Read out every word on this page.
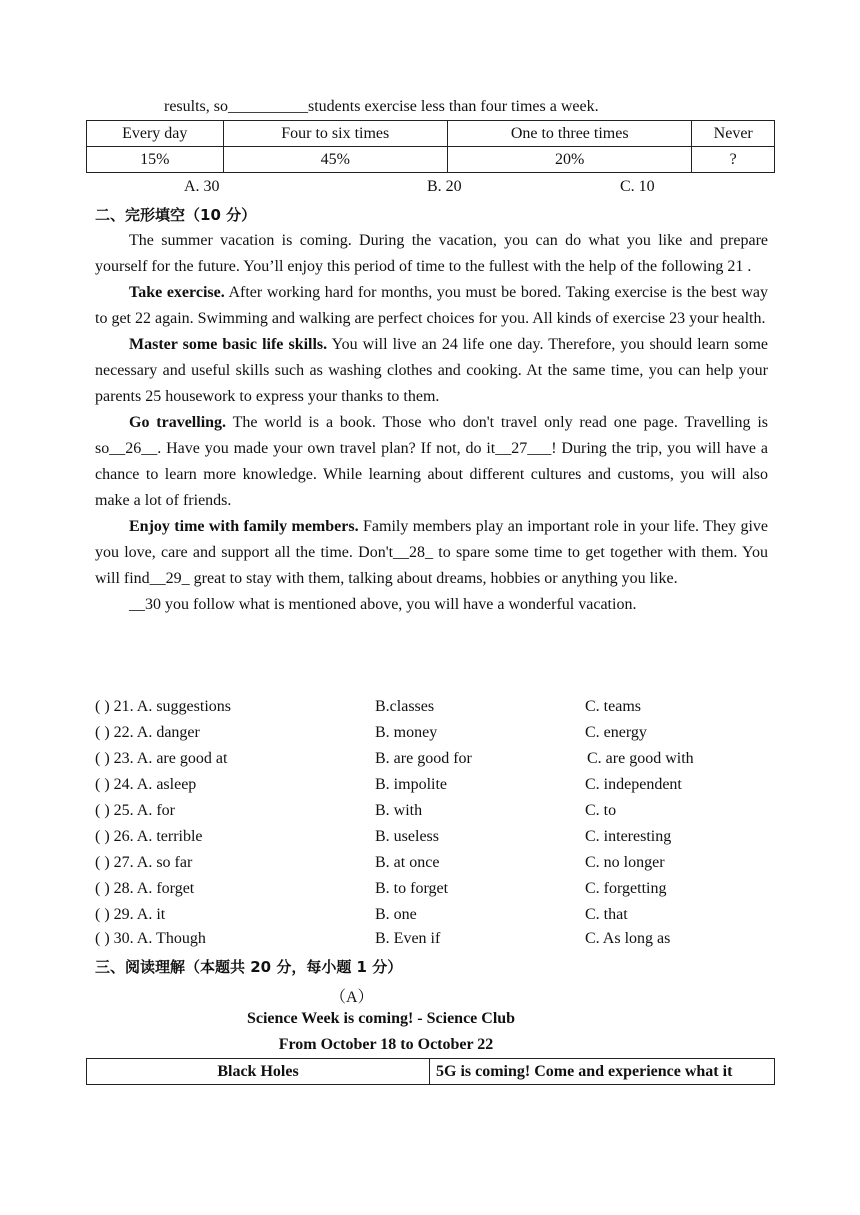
results, so__________students exercise less than four times a week.
Every day	Four to six times	One to three times	Never
15%	45%	20%	?
A. 30	B. 20	C. 10
二、完形填空（10 分）

The summer vacation is coming. During the vacation, you can do what you like and prepare yourself for the future. You’ll enjoy this period of time to the fullest with the help of the following 21 .

Take exercise. After working hard for months, you must be bored. Taking exercise is the best way to get 22 again. Swimming and walking are perfect choices for you. All kinds of exercise 23 your health.

Master some basic life skills. You will live an 24 life one day. Therefore, you should learn some necessary and useful skills such as washing clothes and cooking. At the same time, you can help your parents 25 housework to express your thanks to them.

Go travelling. The world is a book. Those who don't travel only read one page. Travelling is so__26__. Have you made your own travel plan? If not, do it__27___! During the trip, you will have a chance to learn more knowledge. While learning about different cultures and customs, you will also make a lot of friends.

Enjoy time with family members. Family members play an important role in your life. They give you love, care and support all the time. Don't__28_ to spare some time to get together with them. You will find__29_ great to stay with them, talking about dreams, hobbies or anything you like.

__30 you follow what is mentioned above, you will have a wonderful vacation.

( ) 21. A. suggestions	B.classes	C. teams
( ) 22. A. danger	B. money	C. energy
( ) 23. A. are good at	B. are good for	C. are good with
( ) 24. A. asleep	B. impolite	C. independent
( ) 25. A. for	B. with	C. to
( ) 26. A. terrible	B. useless	C. interesting
( ) 27. A. so far	B. at once	C. no longer
( ) 28. A. forget	B. to forget	C. forgetting
( ) 29. A. it	B. one	C. that
( ) 30. A. Though	B. Even if	C. As long as
三、阅读理解（本题共 20 分，每小题 1 分）
（A）
Science Week is coming! - Science Club
From October 18 to October 22
Black Holes	5G is coming! Come and experience what it
